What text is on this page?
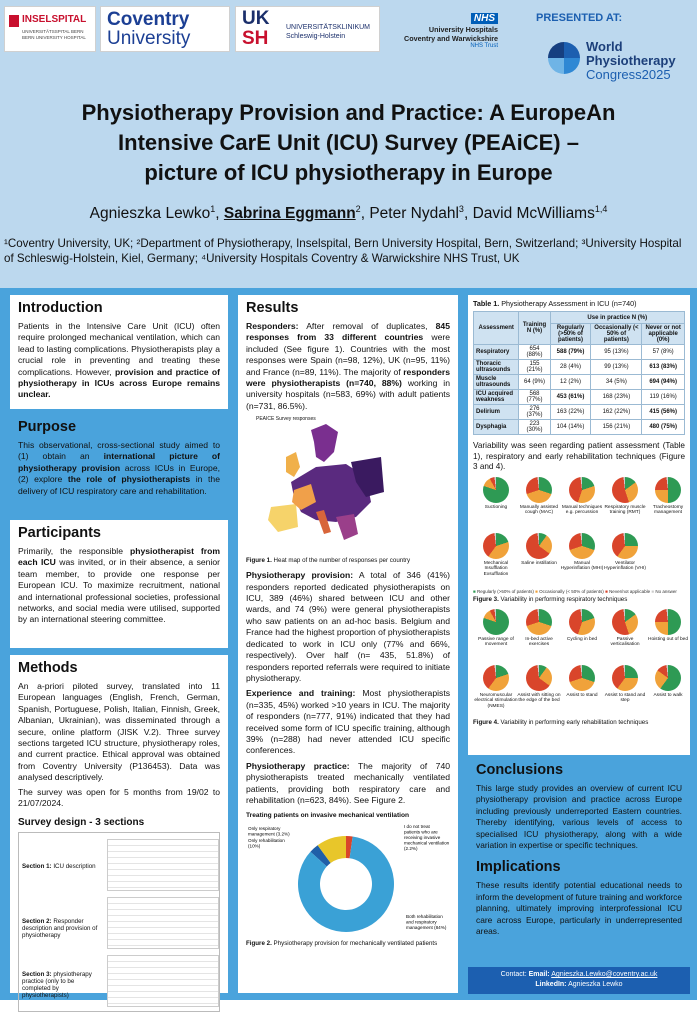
INSELSPITAL
UNIVERSITÄTSSPITAL BERN
BERN UNIVERSITY HOSPITAL
Coventry
University
UK
SH
UNIVERSITÄTSKLINIKUM
Schleswig-Holstein
NHS
University Hospitals
Coventry and Warwickshire
NHS Trust
PRESENTED AT:
World
Physiotherapy
Congress2025
Physiotherapy Provision and Practice: A EuropeAn
Intensive CarE Unit (ICU) Survey (PEAiCE) –
picture of ICU physiotherapy in Europe
Agnieszka Lewko$^1$, Sabrina Eggmann$^2$, Peter Nydahl$^3$, David McWilliams$^{1,4}$
¹Coventry University, UK; ²Department of Physiotherapy, Inselspital, Bern University Hospital, Bern, Switzerland; ³University Hospital of Schleswig-Holstein, Kiel, Germany; ⁴University Hospitals Coventry & Warwickshire NHS Trust, UK
Introduction
Patients in the Intensive Care Unit (ICU) often require prolonged mechanical ventilation, which can lead to lasting complications. Physiotherapists play a crucial role in preventing and treating these complications. However, provision and practice of physiotherapy in ICUs across Europe remains unclear.
Purpose
This observational, cross-sectional study aimed to (1) obtain an international picture of physiotherapy provision across ICUs in Europe, (2) explore the role of physiotherapists in the delivery of ICU respiratory care and rehabilitation.
Participants
Primarily, the responsible physiotherapist from each ICU was invited, or in their absence, a senior team member, to provide one response per European ICU. To maximize recruitment, national and international professional societies, professional networks, and social media were utilised, supported by an international steering committee.
Methods
An a-priori piloted survey, translated into 11 European languages (English, French, German, Spanish, Portuguese, Polish, Italian, Finnish, Greek, Albanian, Ukrainian), was disseminated through a secure, online platform (JISK V.2). Three survey sections targeted ICU structure, physiotherapy roles, and current practice. Ethical approval was obtained from Coventry University (P136453). Data was analysed descriptively.
The survey was open for 5 months from 19/02 to 21/07/2024.
Survey design - 3 sections
Section 1: ICU description
Section 2: Responder description and provision of physiotherapy
Section 3: physiotherapy practice (only to be completed by physiotherapists)
Results
Responders: After removal of duplicates, 845 responses from 33 different countries were included (See figure 1). Countries with the most responses were Spain (n=98, 12%), UK (n=95, 11%) and France (n=89, 11%). The majority of responders were physiotherapists (n=740, 88%) working in university hospitals (n=583, 69%) with adult patients (n=731, 86.5%).
PEAICE Survey responses
Figure 1. Heat map of the number of responses per country
Physiotherapy provision: A total of 346 (41%) responders reported dedicated physiotherapists on ICU, 389 (46%) shared between ICU and other wards, and 74 (9%) were general physiotherapists who saw patients on an ad-hoc basis. Belgium and France had the highest proportion of physiotherapists dedicated to work in ICU only (77% and 66%, respectively). Over half (n= 435, 51.8%) of responders reported referrals were required to initiate physiotherapy.
Experience and training: Most physiotherapists (n=335, 45%) worked >10 years in ICU. The majority of responders (n=777, 91%) indicated that they had received some form of ICU specific training, although 39% (n=288) had never attended ICU specific conferences.
Physiotherapy practice: The majority of 740 physiotherapists treated mechanically ventilated patients, providing both respiratory care and rehabilitation (n=623, 84%). See Figure 2.
Treating patients on invasive mechanical ventilation
Only respiratory management (3.2%)
Only rehabilitation (10%)
I do not treat patients who are receiving invasive mechanical ventilation (2.2%)
Both rehabilitation and respiratory management (84%)
Figure 2. Physiotherapy provision for mechanically ventilated patients
Table 1. Physiotherapy Assessment in ICU (n=740)
Assessment	Training N (%)	Use in practice N (%)		
		Regularly (>50% of patients)	Occasionally (< 50% of patients)	Never or not applicable (0%)
Respiratory	654 (88%)	588 (79%)	95 (13%)	57 (8%)
Thoracic ultrasounds	155 (21%)	28 (4%)	99 (13%)	613 (83%)
Muscle ultrasounds	64 (9%)	12 (2%)	34 (5%)	694 (94%)
ICU acquired weakness	568 (77%)	453 (61%)	168 (23%)	119 (16%)
Delirium	276 (37%)	163 (22%)	162 (22%)	415 (56%)
Dysphagia	223 (30%)	104 (14%)	156 (21%)	480 (75%)
Variability was seen regarding patient assessment (Table 1), respiratory and early rehabilitation techniques (Figure 3 and 4).
Suctioning	Manually assisted cough (MAC)
Manual techniques e.g. percussion
Respiratory muscle training (RMT)
Tracheostomy management
Mechanical Insufflation Exsufflation
Saline instillation	Manual Hyperinflation (MHI)
Ventilator Hyperinflation (VHI)
■ Regularly (>50% of patients) ■ Occasionally (< 50% of patients) ■ Never/not applicable ■ No answer
Figure 3. Variability in performing respiratory techniques
Passive range of movement
In-bed active exercises
Cycling in bed	Passive verticalisation
Hoisting out of bed
Neuromuscular electrical stimulation (NMES)
Assist with sitting on the edge of the bed
Assist to stand	Assist to stand and step
Assist to walk
Figure 4. Variability in performing early rehabilitation techniques
Conclusions
This large study provides an overview of current ICU physiotherapy provision and practice across Europe including previously underreported Eastern countries. Thereby identifying, various levels of access to specialised ICU physiotherapy, along with a wide variation in expertise or specific techniques.
Implications
These results identify potential educational needs to inform the development of future training and workforce planning, ultimately improving interprofessional ICU care across Europe, particularly in underrepresented areas.
Contact: Email: Agnieszka.Lewko@coventry.ac.uk
LinkedIn: Agnieszka Lewko
